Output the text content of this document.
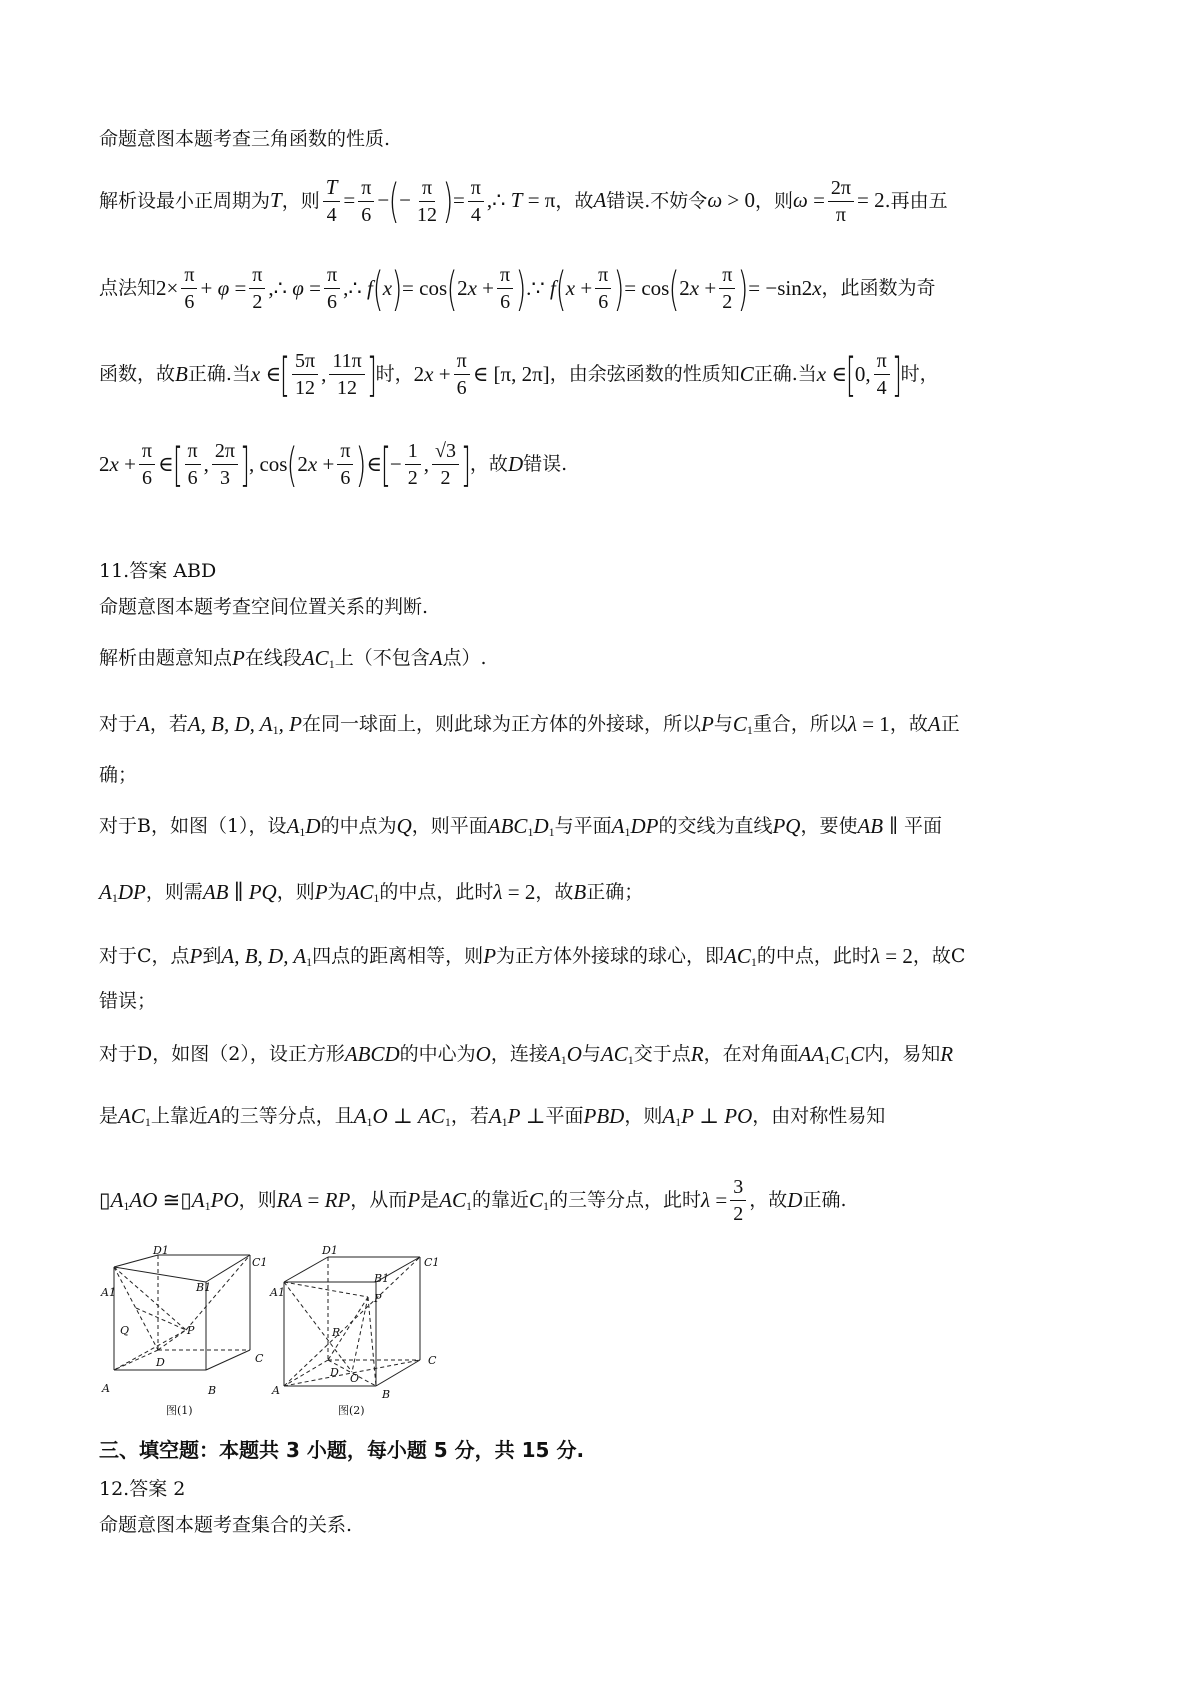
命题意图本题考查三角函数的性质.
解析设最小正周期为 T ，则 $\frac{T}{4} = \frac{\pi}{6}$ − ( − $\frac{\pi}{12}$ ) = $\frac{\pi}{4}$ ,∴ T = π ，故 A 错误.不妨令 ω > 0 ，则 $\omega = \frac{2\pi}{\pi} = 2$ .再由五
点法知 $2\times \frac{\pi}{6} + \varphi = \frac{\pi}{2}$ ,∴ $\varphi = \frac{\pi}{6}$ ,∴ f ( x ) = cos ( $2x + \frac{\pi}{6}$ ) .∵ f ( $x + \frac{\pi}{6}$ ) = cos ( $2x + \frac{\pi}{2}$ ) = −sin2x ，此函数为奇
函数，故 B 正确.当 x ∈ [ $\frac{5\pi}{12}$ , $\frac{11\pi}{12}$ ] 时， $2x + \frac{\pi}{6}$ ∈ [π, 2π] ，由余弦函数的性质知 C 正确.当 x ∈ [ 0, $\frac{\pi}{4}$ ] 时，
$2x + \frac{\pi}{6}$ ∈ [ $\frac{\pi}{6}$ , $\frac{2\pi}{3}$ ] , cos ( $2x + \frac{\pi}{6}$ ) ∈ [ − $\frac{1}{2}$ , $\frac{√3}{2}$ ] ，故 D 错误.
11.答案 ABD
命题意图本题考查空间位置关系的判断.
解析由题意知点 P 在线段 $AC_1$ 上（不包含 A 点）.
对于 A ，若 A, B, D, $A_1$, P 在同一球面上，则此球为正方体的外接球，所以 P 与 $C_1$ 重合，所以 λ = 1 ，故 A 正
确；
对于B，如图（1），设 $A_1D$ 的中点为 Q ，则平面 $ABC_1D_1$ 与平面 $A_1DP$ 的交线为直线 PQ ，要使 AB ∥ 平面
$A_1DP$ ，则需 AB ∥ PQ ，则 P 为 $AC_1$ 的中点，此时 λ = 2 ，故 B 正确；
对于C，点 P 到 A, B, D, $A_1$ 四点的距离相等，则 P 为正方体外接球的球心，即 $AC_1$ 的中点，此时 λ = 2 ，故C
错误；
对于D，如图（2），设正方形 ABCD 的中心为 O ，连接 $A_1O$ 与 $AC_1$ 交于点 R ，在对角面 $AA_1C_1C$ 内，易知 R
是 $AC_1$ 上靠近 A 的三等分点，且 $A_1O$ ⊥ $AC_1$ ，若 $A_1P$ ⊥ 平面 PBD ，则 $A_1P$ ⊥ PO ，由对称性易知
$▯A_1AO$ $≅▯A_1PO$ ，则 RA = RP ，从而 P 是 $AC_1$ 的靠近 $C_1$ 的三等分点，此时 $\lambda = \frac{3}{2}$ ，故 D 正确.
D1
C1
A1	B1
Q	P
D	C
A	B
图(1)
D1
C1
A1
B1
P
R
D O
C
A	B
图(2)
三、填空题：本题共 3 小题，每小题 5 分，共 15 分.
12.答案 2
命题意图本题考查集合的关系.
